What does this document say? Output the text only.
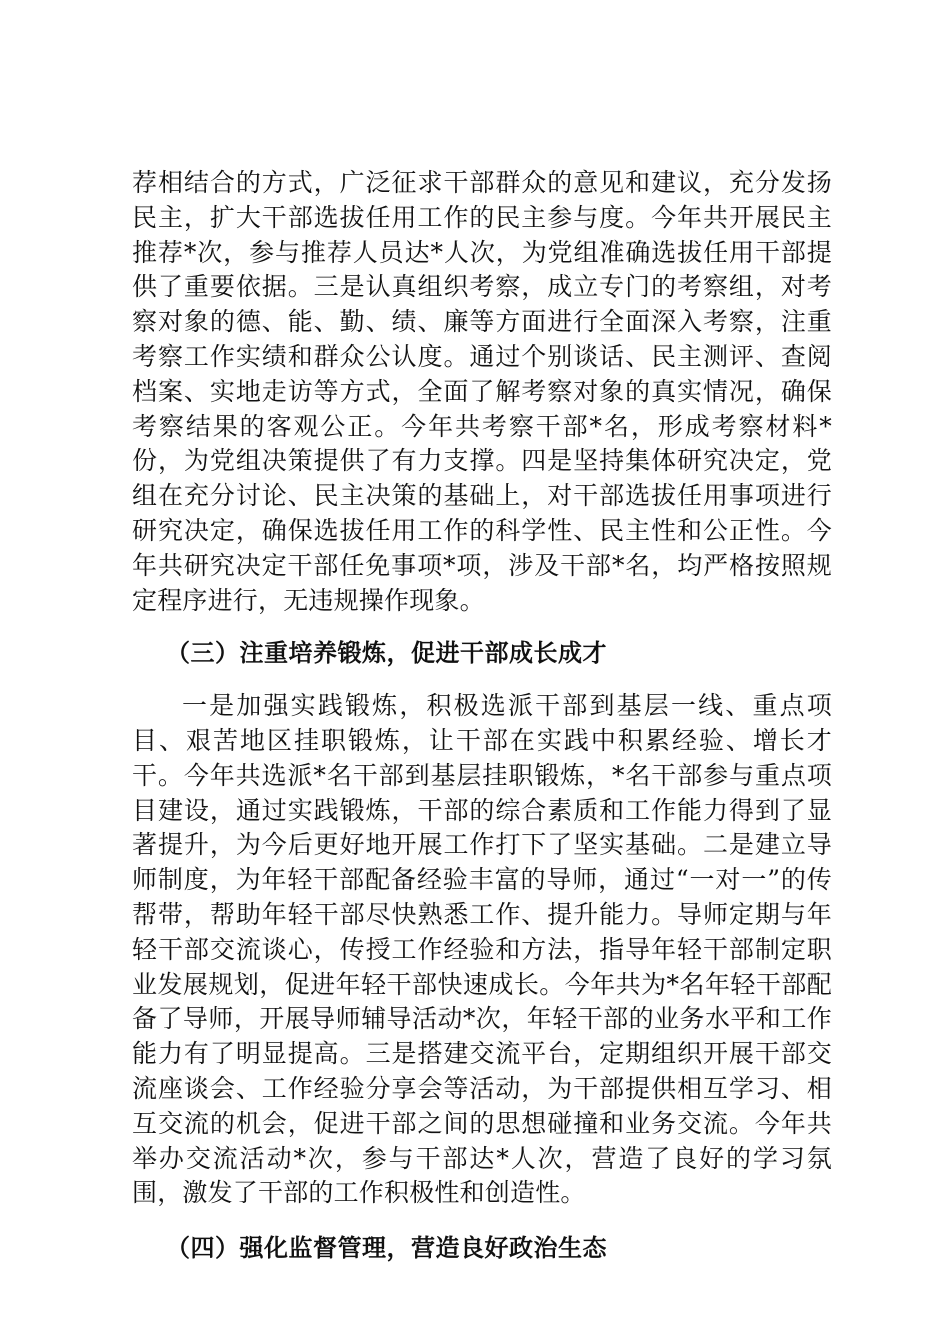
荐相结合的方式，广泛征求干部群众的意见和建议，充分发扬民主，扩大干部选拔任用工作的民主参与度。今年共开展民主推荐*次，参与推荐人员达*人次，为党组准确选拔任用干部提供了重要依据。三是认真组织考察，成立专门的考察组，对考察对象的德、能、勤、绩、廉等方面进行全面深入考察，注重考察工作实绩和群众公认度。通过个别谈话、民主测评、查阅档案、实地走访等方式，全面了解考察对象的真实情况，确保考察结果的客观公正。今年共考察干部*名，形成考察材料*份，为党组决策提供了有力支撑。四是坚持集体研究决定，党组在充分讨论、民主决策的基础上，对干部选拔任用事项进行研究决定，确保选拔任用工作的科学性、民主性和公正性。今年共研究决定干部任免事项*项，涉及干部*名，均严格按照规定程序进行，无违规操作现象。

（三）注重培养锻炼，促进干部成长成才

一是加强实践锻炼，积极选派干部到基层一线、重点项目、艰苦地区挂职锻炼，让干部在实践中积累经验、增长才干。今年共选派*名干部到基层挂职锻炼，*名干部参与重点项目建设，通过实践锻炼，干部的综合素质和工作能力得到了显著提升，为今后更好地开展工作打下了坚实基础。二是建立导师制度，为年轻干部配备经验丰富的导师，通过“一对一”的传帮带，帮助年轻干部尽快熟悉工作、提升能力。导师定期与年轻干部交流谈心，传授工作经验和方法，指导年轻干部制定职业发展规划，促进年轻干部快速成长。今年共为*名年轻干部配备了导师，开展导师辅导活动*次，年轻干部的业务水平和工作能力有了明显提高。三是搭建交流平台，定期组织开展干部交流座谈会、工作经验分享会等活动，为干部提供相互学习、相互交流的机会，促进干部之间的思想碰撞和业务交流。今年共举办交流活动*次，参与干部达*人次，营造了良好的学习氛围，激发了干部的工作积极性和创造性。

（四）强化监督管理，营造良好政治生态
